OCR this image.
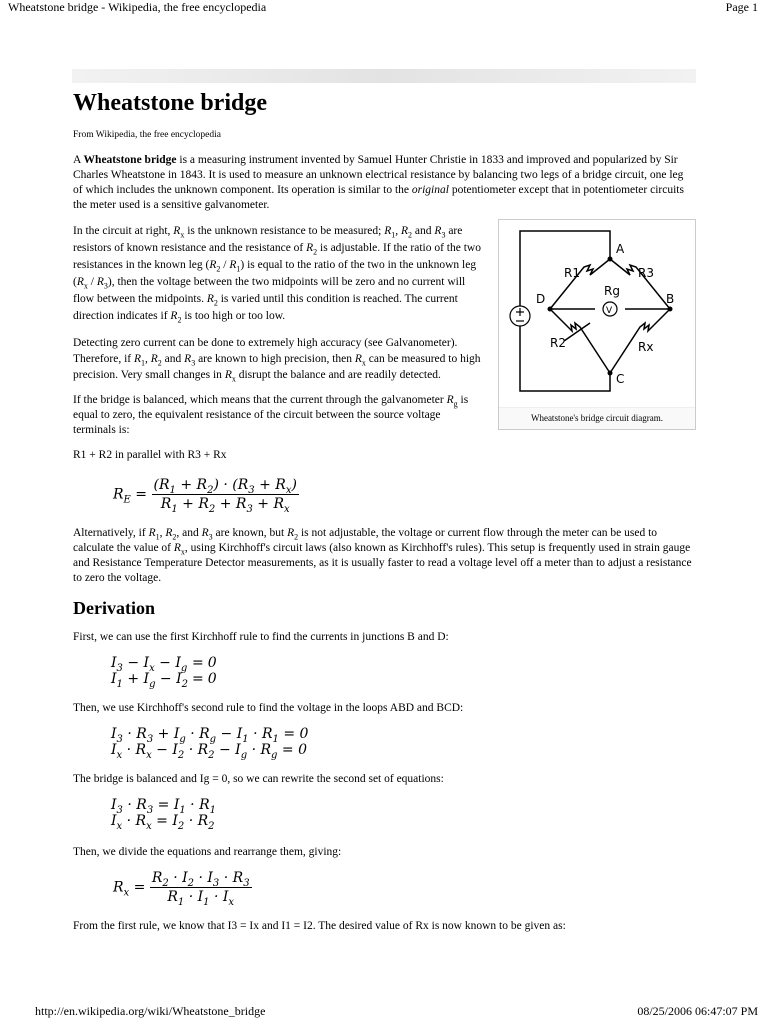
Wheatstone bridge - Wikipedia, the free encyclopedia	Page 1
Wheatstone bridge
From Wikipedia, the free encyclopedia

A Wheatstone bridge is a measuring instrument invented by Samuel Hunter Christie in 1833 and improved and popularized by Sir Charles Wheatstone in 1843. It is used to measure an unknown electrical resistance by balancing two legs of a bridge circuit, one leg of which includes the unknown component. Its operation is similar to the original potentiometer except that in potentiometer circuits the meter used is a sensitive galvanometer.

In the circuit at right, $R_x$ is the unknown resistance to be measured; $R_1$, $R_2$ and $R_3$ are resistors of known resistance and the resistance of $R_2$ is adjustable. If the ratio of the two resistances in the known leg $(R_2 / R_1)$ is equal to the ratio of the two in the unknown leg $(R_x / R_3)$, then the voltage between the two midpoints will be zero and no current will flow between the midpoints. $R_2$ is varied until this condition is reached. The current direction indicates if $R_2$ is too high or too low.

Detecting zero current can be done to extremely high accuracy (see Galvanometer). Therefore, if $R_1$, $R_2$ and $R_3$ are known to high precision, then $R_x$ can be measured to high precision. Very small changes in $R_x$ disrupt the balance and are readily detected.

If the bridge is balanced, which means that the current through the galvanometer $R_g$ is equal to zero, the equivalent resistance of the circuit between the source voltage terminals is:

V
A
D	B
C
R1	R3
Rg
R2	Rx
Wheatstone's bridge circuit diagram.

R1 + R2 in parallel with R3 + Rx

$R_E = \frac{(R_1 + R_2) \cdot (R_3 + R_x)}{R_1 + R_2 + R_3 + R_x}$

Alternatively, if $R_1$, $R_2$, and $R_3$ are known, but $R_2$ is not adjustable, the voltage or current flow through the meter can be used to calculate the value of $R_x$, using Kirchhoff's circuit laws (also known as Kirchhoff's rules). This setup is frequently used in strain gauge and Resistance Temperature Detector measurements, as it is usually faster to read a voltage level off a meter than to adjust a resistance to zero the voltage.

Derivation

First, we can use the first Kirchhoff rule to find the currents in junctions B and D:

$I_3 - I_x - I_g$	=	0
$I_1 + I_g - I_2$	=	0

Then, we use Kirchhoff's second rule to find the voltage in the loops ABD and BCD:

$I_3 \cdot R_3 + I_g \cdot R_g - I_1 \cdot R_1 = 0$
$I_x \cdot R_x - I_2 \cdot R_2 - I_g \cdot R_g = 0$

The bridge is balanced and Ig = 0, so we can rewrite the second set of equations:

$I_3 \cdot R_3 = I_1 \cdot R_1$
$I_x \cdot R_x = I_2 \cdot R_2$

Then, we divide the equations and rearrange them, giving:

$R_x = \frac{R_2 \cdot I_2 \cdot I_3 \cdot R_3}{R_1 \cdot I_1 \cdot I_x}$

From the first rule, we know that I3 = Ix and I1 = I2. The desired value of Rx is now known to be given as:

http://en.wikipedia.org/wiki/Wheatstone_bridge	08/25/2006 06:47:07 PM
